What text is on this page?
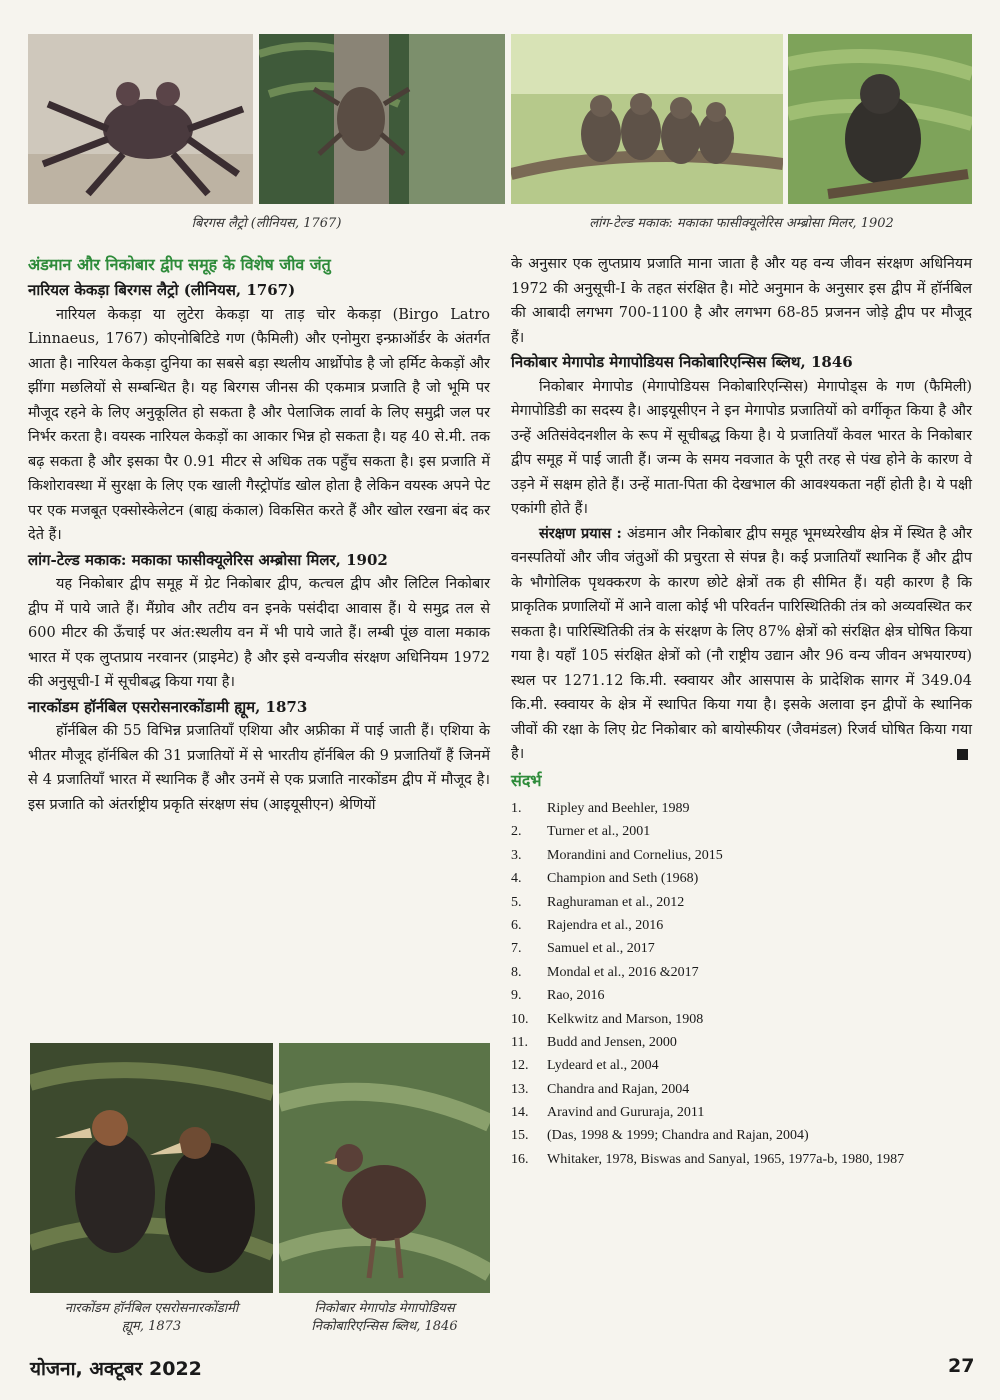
बिरगस लैट्रो (लीनियस, 1767)	लांग-टेल्ड मकाक: मकाका फासीक्यूलेरिस अम्ब्रोसा मिलर, 1902
अंडमान और निकोबार द्वीप समूह के विशेष जीव जंतु
नारियल केकड़ा बिरगस लैट्रो (लीनियस, 1767)

नारियल केकड़ा या लुटेरा केकड़ा या ताड़ चोर केकड़ा (Birgo Latro Linnaeus, 1767) कोएनोबिटिडे गण (फैमिली) और एनोमुरा इन्फ्राऑर्डर के अंतर्गत आता है। नारियल केकड़ा दुनिया का सबसे बड़ा स्थलीय आर्थ्रोपोड है जो हर्मिट केकड़ों और झींगा मछलियों से सम्बन्धित है। यह बिरगस जीनस की एकमात्र प्रजाति है जो भूमि पर मौजूद रहने के लिए अनुकूलित हो सकता है और पेलाजिक लार्वा के लिए समुद्री जल पर निर्भर करता है। वयस्क नारियल केकड़ों का आकार भिन्न हो सकता है। यह 40 से.मी. तक बढ़ सकता है और इसका पैर 0.91 मीटर से अधिक तक पहुँच सकता है। इस प्रजाति में किशोरावस्था में सुरक्षा के लिए एक खाली गैस्ट्रोपॉड खोल होता है लेकिन वयस्क अपने पेट पर एक मजबूत एक्सोस्केलेटन (बाह्य कंकाल) विकसित करते हैं और खोल रखना बंद कर देते हैं।

लांग-टेल्ड मकाक: मकाका फासीक्यूलेरिस अम्ब्रोसा मिलर, 1902

यह निकोबार द्वीप समूह में ग्रेट निकोबार द्वीप, कत्चल द्वीप और लिटिल निकोबार द्वीप में पाये जाते हैं। मैंग्रोव और तटीय वन इनके पसंदीदा आवास हैं। ये समुद्र तल से 600 मीटर की ऊँचाई पर अंत:स्थलीय वन में भी पाये जाते हैं। लम्बी पूंछ वाला मकाक भारत में एक लुप्तप्राय नरवानर (प्राइमेट) है और इसे वन्यजीव संरक्षण अधिनियम 1972 की अनुसूची-I में सूचीबद्ध किया गया है।

नारकोंडम हॉर्नबिल एसरोसनारकोंडामी ह्यूम, 1873

हॉर्नबिल की 55 विभिन्न प्रजातियाँ एशिया और अफ्रीका में पाई जाती हैं। एशिया के भीतर मौजूद हॉर्नबिल की 31 प्रजातियों में से भारतीय हॉर्नबिल की 9 प्रजातियाँ हैं जिनमें से 4 प्रजातियाँ भारत में स्थानिक हैं और उनमें से एक प्रजाति नारकोंडम द्वीप में मौजूद है। इस प्रजाति को अंतर्राष्ट्रीय प्रकृति संरक्षण संघ (आइयूसीएन) श्रेणियों

नारकोंडम हॉर्नबिल एसरोसनारकोंडामी
ह्यूम, 1873
निकोबार मेगापोड मेगापोडियस
निकोबारिएन्सिस ब्लिथ, 1846

के अनुसार एक लुप्तप्राय प्रजाति माना जाता है और यह वन्य जीवन संरक्षण अधिनियम 1972 की अनुसूची-I के तहत संरक्षित है। मोटे अनुमान के अनुसार इस द्वीप में हॉर्नबिल की आबादी लगभग 700-1100 है और लगभग 68-85 प्रजनन जोड़े द्वीप पर मौजूद हैं।

निकोबार मेगापोड मेगापोडियस निकोबारिएन्सिस ब्लिथ, 1846

निकोबार मेगापोड (मेगापोडियस निकोबारिएन्सिस) मेगापोड्स के गण (फैमिली) मेगापोडिडी का सदस्य है। आइयूसीएन ने इन मेगापोड प्रजातियों को वर्गीकृत किया है और उन्हें अतिसंवेदनशील के रूप में सूचीबद्ध किया है। ये प्रजातियाँ केवल भारत के निकोबार द्वीप समूह में पाई जाती हैं। जन्म के समय नवजात के पूरी तरह से पंख होने के कारण वे उड़ने में सक्षम होते हैं। उन्हें माता-पिता की देखभाल की आवश्यकता नहीं होती है। ये पक्षी एकांगी होते हैं।

संरक्षण प्रयास : अंडमान और निकोबार द्वीप समूह भूमध्यरेखीय क्षेत्र में स्थित है और वनस्पतियों और जीव जंतुओं की प्रचुरता से संपन्न है। कई प्रजातियाँ स्थानिक हैं और द्वीप के भौगोलिक पृथक्करण के कारण छोटे क्षेत्रों तक ही सीमित हैं। यही कारण है कि प्राकृतिक प्रणालियों में आने वाला कोई भी परिवर्तन पारिस्थितिकी तंत्र को अव्यवस्थित कर सकता है। पारिस्थितिकी तंत्र के संरक्षण के लिए 87% क्षेत्रों को संरक्षित क्षेत्र घोषित किया गया है। यहाँ 105 संरक्षित क्षेत्रों को (नौ राष्ट्रीय उद्यान और 96 वन्य जीवन अभयारण्य) स्थल पर 1271.12 कि.मी. स्क्वायर और आसपास के प्रादेशिक सागर में 349.04 कि.मी. स्क्वायर के क्षेत्र में स्थापित किया गया है। इसके अलावा इन द्वीपों के स्थानिक जीवों की रक्षा के लिए ग्रेट निकोबार को बायोस्फीयर (जैवमंडल) रिजर्व घोषित किया गया है।

संदर्भ
1.	Ripley and Beehler, 1989
2.	Turner et al., 2001
3.	Morandini and Cornelius, 2015
4.	Champion and Seth (1968)
5.	Raghuraman et al., 2012
6.	Rajendra et al., 2016
7.	Samuel et al., 2017
8.	Mondal et al., 2016 &2017
9.	Rao, 2016
10.	Kelkwitz and Marson, 1908
11.	Budd and Jensen, 2000
12.	Lydeard et al., 2004
13.	Chandra and Rajan, 2004
14.	Aravind and Gururaja, 2011
15.	(Das, 1998 & 1999; Chandra and Rajan, 2004)
16.	Whitaker, 1978, Biswas and Sanyal, 1965, 1977a-b, 1980, 1987
योजना, अक्टूबर 2022	27
